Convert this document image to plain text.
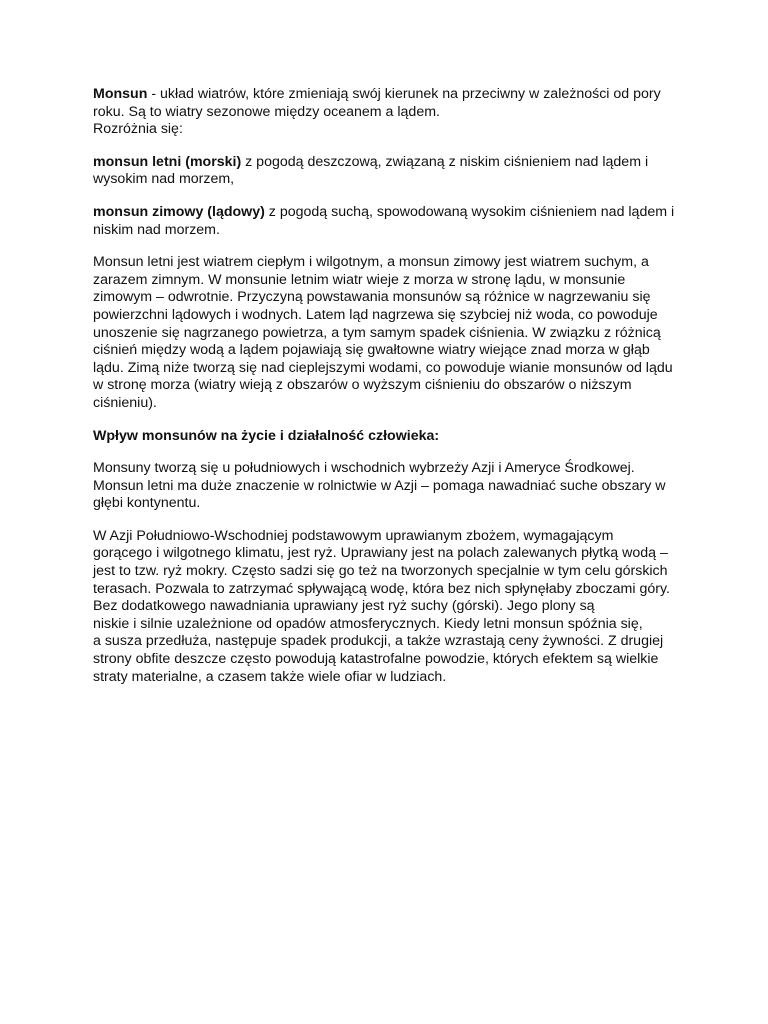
Monsun - układ wiatrów, które zmieniają swój kierunek na przeciwny w zależności od pory
roku. Są to wiatry sezonowe między oceanem a lądem.
Rozróżnia się:
monsun letni (morski) z pogodą deszczową, związaną z niskim ciśnieniem nad lądem i
wysokim nad morzem,
monsun zimowy (lądowy) z pogodą suchą, spowodowaną wysokim ciśnieniem nad lądem i
niskim nad morzem.
Monsun letni jest wiatrem ciepłym i wilgotnym, a monsun zimowy jest wiatrem suchym, a
zarazem zimnym. W monsunie letnim wiatr wieje z morza w stronę lądu, w monsunie
zimowym – odwrotnie. Przyczyną powstawania monsunów są różnice w nagrzewaniu się
powierzchni lądowych i wodnych. Latem ląd nagrzewa się szybciej niż woda, co powoduje
unoszenie się nagrzanego powietrza, a tym samym spadek ciśnienia. W związku z różnicą
ciśnień między wodą a lądem pojawiają się gwałtowne wiatry wiejące znad morza w głąb
lądu. Zimą niże tworzą się nad cieplejszymi wodami, co powoduje wianie monsunów od lądu
w stronę morza (wiatry wieją z obszarów o wyższym ciśnieniu do obszarów o niższym
ciśnieniu).
Wpływ monsunów na życie i działalność człowieka:
Monsuny tworzą się u południowych i wschodnich wybrzeży Azji i Ameryce Środkowej.
Monsun letni ma duże znaczenie w rolnictwie w Azji – pomaga nawadniać suche obszary w
głębi kontynentu.
W Azji Południowo-Wschodniej podstawowym uprawianym zbożem, wymagającym
gorącego i wilgotnego klimatu, jest ryż. Uprawiany jest na polach zalewanych płytką wodą –
jest to tzw. ryż mokry. Często sadzi się go też na tworzonych specjalnie w tym celu górskich
terasach. Pozwala to zatrzymać spływającą wodę, która bez nich spłynęłaby zboczami góry.
Bez dodatkowego nawadniania uprawiany jest ryż suchy (górski). Jego plony są
niskie i silnie uzależnione od opadów atmosferycznych. Kiedy letni monsun spóźnia się,
a susza przedłuża, następuje spadek produkcji, a także wzrastają ceny żywności. Z drugiej
strony obfite deszcze często powodują katastrofalne powodzie, których efektem są wielkie
straty materialne, a czasem także wiele ofiar w ludziach.
